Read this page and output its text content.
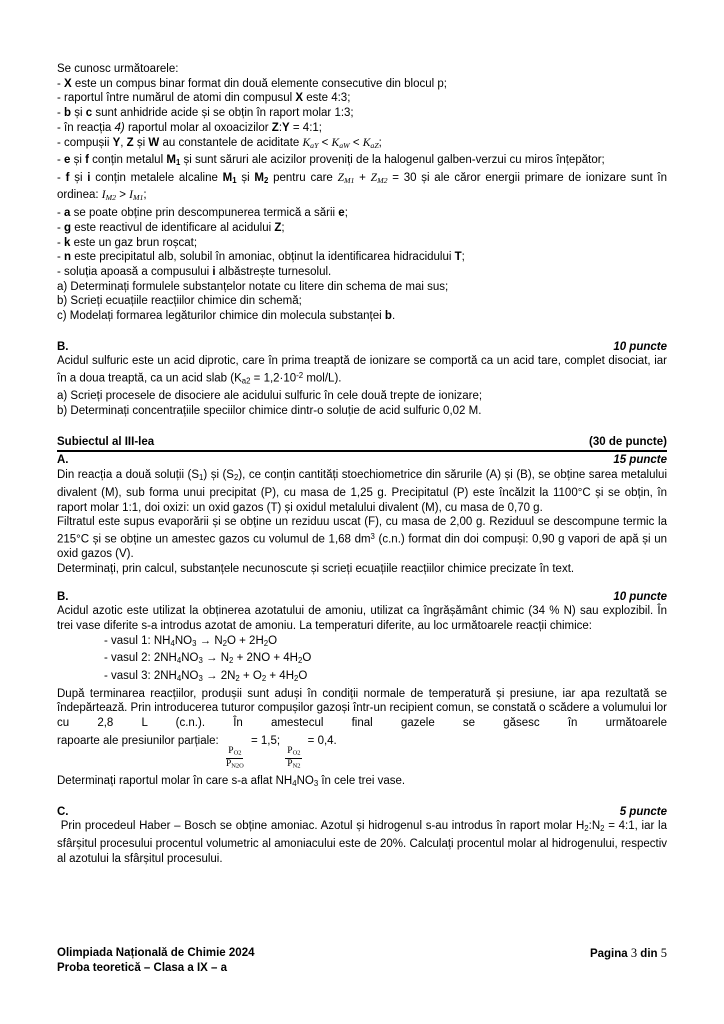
Se cunosc următoarele:

- X este un compus binar format din două elemente consecutive din blocul p;

- raportul între numărul de atomi din compusul X este 4:3;

- b și c sunt anhidride acide și se obțin în raport molar 1:3;

- în reacția 4) raportul molar al oxoacizilor Z:Y = 4:1;

- compușii Y, Z și W au constantele de aciditate $K_{aY} < K_{aW} < K_{aZ}$;

- e și f conțin metalul $M_1$ și sunt săruri ale acizilor proveniți de la halogenul galben-verzui cu miros înțepător;

- f și i conțin metalele alcaline $M_1$ și $M_2$ pentru care $Z_{M1} + Z_{M2} = 30$ și ale căror energii primare de ionizare sunt în ordinea: $I_{M2} > I_{M1}$;

- a se poate obține prin descompunerea termică a sării e;

- g este reactivul de identificare al acidului Z;

- k este un gaz brun roșcat;

- n este precipitatul alb, solubil în amoniac, obținut la identificarea hidracidului T;

- soluția apoasă a compusului i albăstrește turnesolul.

a) Determinați formulele substanțelor notate cu litere din schema de mai sus;

b) Scrieți ecuațiile reacțiilor chimice din schemă;

c) Modelați formarea legăturilor chimice din molecula substanței b.

B.	10 puncte

Acidul sulfuric este un acid diprotic, care în prima treaptă de ionizare se comportă ca un acid tare, complet disociat, iar în a doua treaptă, ca un acid slab ($K_{a2} = 1,2\cdot 10^{-2}$ mol/L).

a) Scrieți procesele de disociere ale acidului sulfuric în cele două trepte de ionizare;

b) Determinați concentrațiile speciilor chimice dintr-o soluție de acid sulfuric 0,02 M.

Subiectul al III-lea	(30 de puncte)
A.	15 puncte

Din reacția a două soluții $(S_1)$ și $(S_2)$, ce conțin cantități stoechiometrice din sărurile (A) și (B), se obține sarea metalului divalent (M), sub forma unui precipitat (P), cu masa de 1,25 g. Precipitatul (P) este încălzit la 1100°C și se obțin, în raport molar 1:1, doi oxizi: un oxid gazos (T) și oxidul metalului divalent (M), cu masa de 0,70 g.

Filtratul este supus evaporării și se obține un reziduu uscat (F), cu masa de 2,00 g. Reziduul se descompune termic la 215°C și se obține un amestec gazos cu volumul de 1,68 $dm^3$ (c.n.) format din doi compuși: 0,90 g vapori de apă și un oxid gazos (V).

Determinați, prin calcul, substanțele necunoscute și scrieți ecuațiile reacțiilor chimice precizate în text.

B.	10 puncte

Acidul azotic este utilizat la obținerea azotatului de amoniu, utilizat ca îngrășământ chimic (34 % N) sau explozibil. În trei vase diferite s-a introdus azotat de amoniu. La temperaturi diferite, au loc următoarele reacții chimice:

- vasul 1: $NH_4NO_3 \to N_2O + 2H_2O$

- vasul 2: $2NH_4NO_3 \to N_2 + 2NO + 4H_2O$

- vasul 3: $2NH_4NO_3 \to 2N_2 + O_2 + 4H_2O$

După terminarea reacțiilor, produșii sunt aduși în condiții normale de temperatură și presiune, iar apa rezultată se îndepărtează. Prin introducerea tuturor compușilor gazoși într-un recipient comun, se constată o scădere a volumului lor cu 2,8 L (c.n.). În amestecul final gazele se găsesc în următoarele

rapoarte ale presiunilor parțiale:
$\frac{P_{O2}}{P_{N2O}}$
= 1,5;
$\frac{P_{O2}}{P_{N2}}$
= 0,4.

Determinați raportul molar în care s-a aflat $NH_4NO_3$ în cele trei vase.

C.	5 puncte

Prin procedeul Haber – Bosch se obține amoniac. Azotul și hidrogenul s-au introdus în raport molar $H_2:N_2$ = 4:1, iar la sfârșitul procesului procentul volumetric al amoniacului este de 20%. Calculați procentul molar al hidrogenului, respectiv al azotului la sfârșitul procesului.

Olimpiada Națională de Chimie 2024
Proba teoretică – Clasa a IX – a
Pagina 3 din 5
